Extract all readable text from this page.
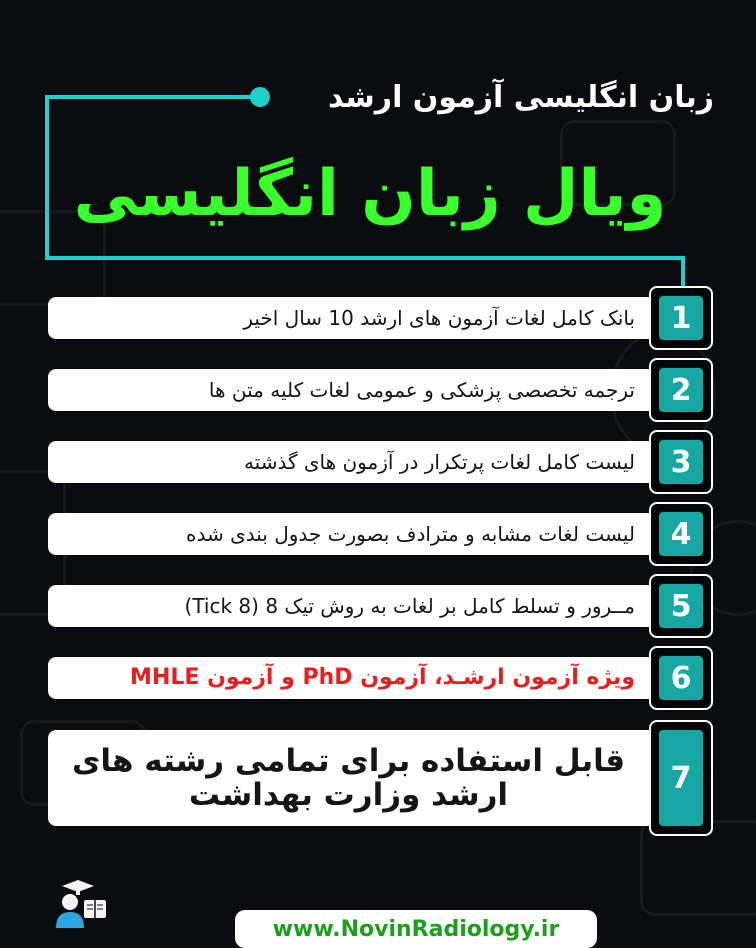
زبان انگلیسی آزمون ارشد
ویال زبان انگلیسی
بانک کامل لغات آزمون های ارشد 10 سال اخیر	1
ترجمه تخصصی پزشکی و عمومی لغات کلیه متن ها	2
لیست کامل لغات پرتکرار در آزمون های گذشته	3
لیست لغات مشابه و مترادف بصورت جدول بندی شده	4
مــرور و تسلط کامل بر لغات به روش تیک 8 (Tick 8)	5
ویژه آزمون ارشـد، آزمون PhD و آزمون MHLE	6
قابل استفاده برای تمامی رشته های ارشد وزارت بهداشت	7
www.NovinRadiology.ir
